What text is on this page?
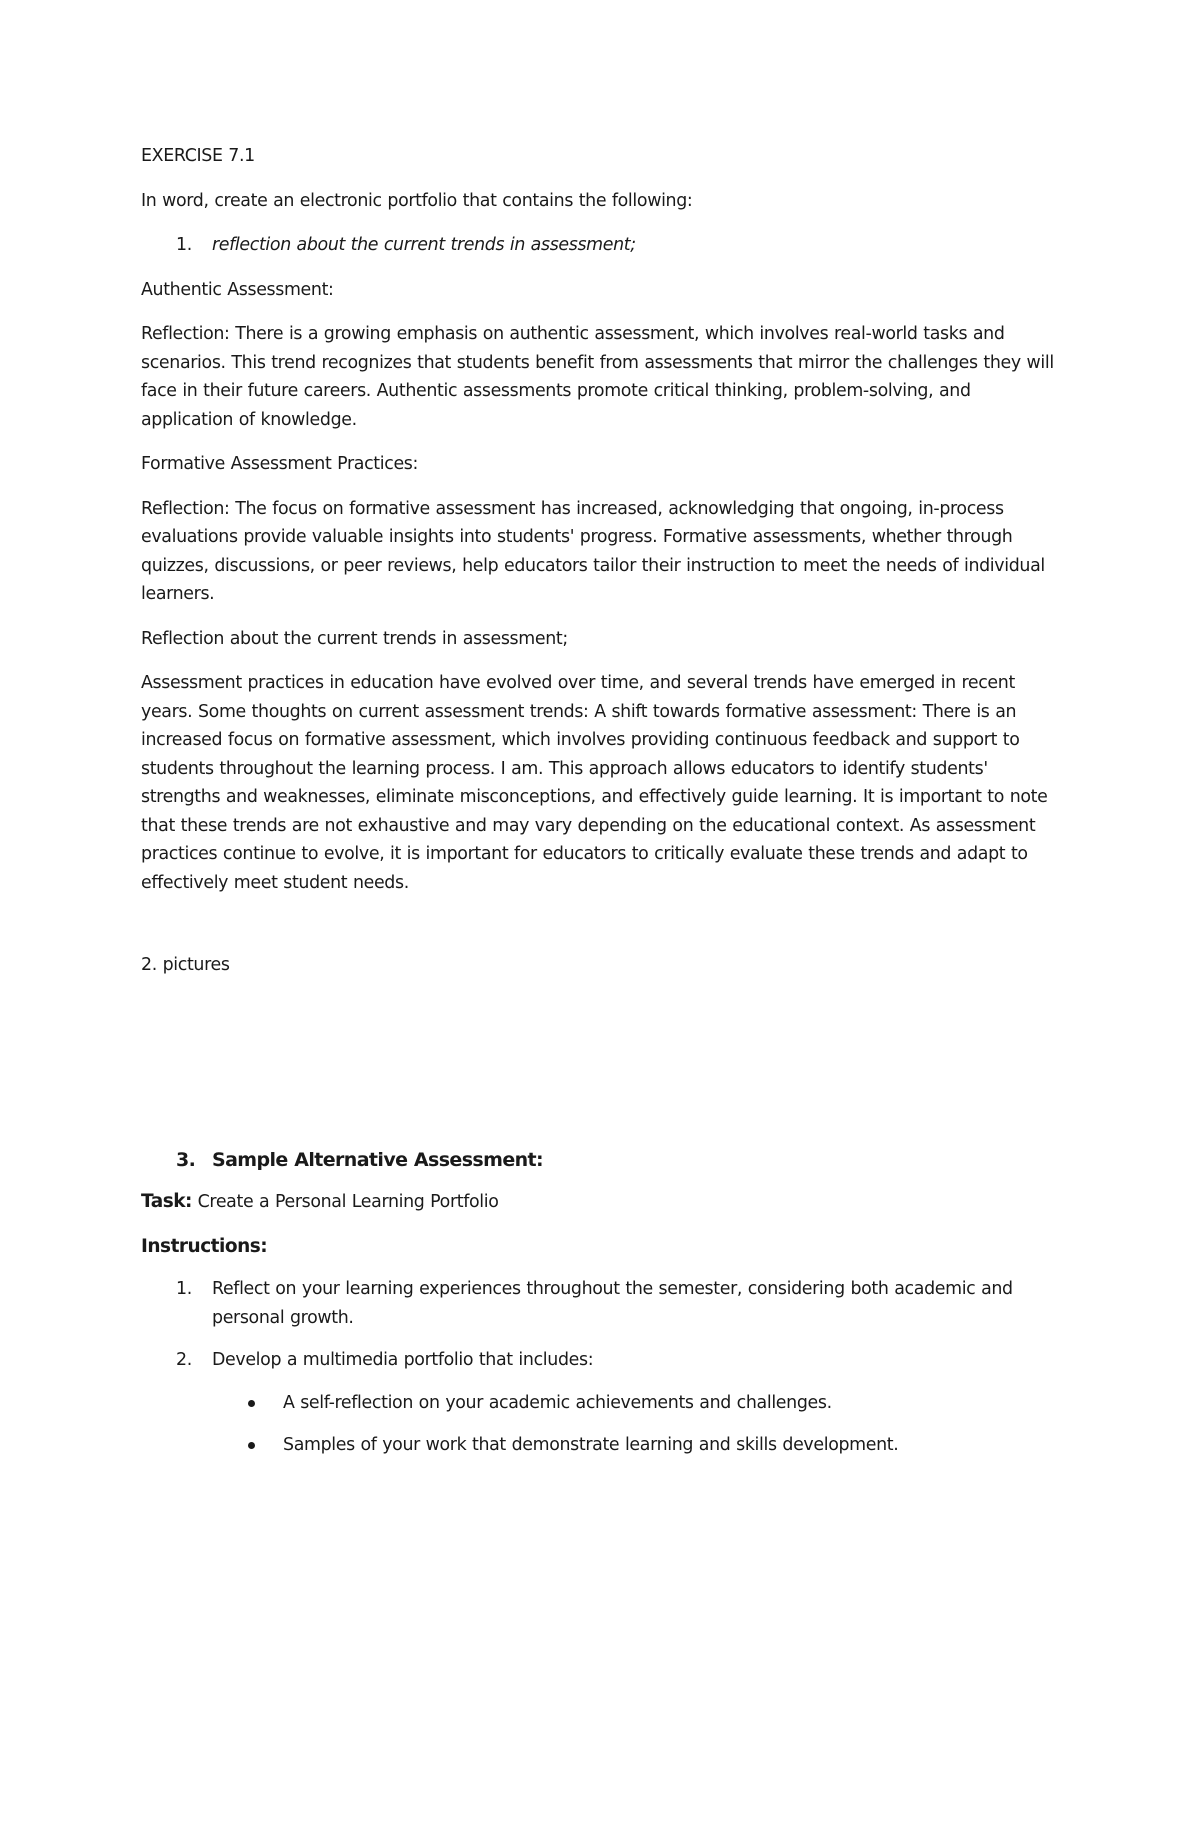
EXERCISE 7.1

In word, create an electronic portfolio that contains the following:

1. reflection about the current trends in assessment;

Authentic Assessment:

Reflection: There is a growing emphasis on authentic assessment, which involves real-world tasks and scenarios. This trend recognizes that students benefit from assessments that mirror the challenges they will face in their future careers. Authentic assessments promote critical thinking, problem-solving, and application of knowledge.

Formative Assessment Practices:

Reflection: The focus on formative assessment has increased, acknowledging that ongoing, in-process evaluations provide valuable insights into students' progress. Formative assessments, whether through quizzes, discussions, or peer reviews, help educators tailor their instruction to meet the needs of individual learners.

Reflection about the current trends in assessment;

Assessment practices in education have evolved over time, and several trends have emerged in recent years. Some thoughts on current assessment trends: A shift towards formative assessment: There is an increased focus on formative assessment, which involves providing continuous feedback and support to students throughout the learning process. I am. This approach allows educators to identify students' strengths and weaknesses, eliminate misconceptions, and effectively guide learning. It is important to note that these trends are not exhaustive and may vary depending on the educational context. As assessment practices continue to evolve, it is important for educators to critically evaluate these trends and adapt to effectively meet student needs.

2. pictures

3. Sample Alternative Assessment:

Task: Create a Personal Learning Portfolio

Instructions:

1. Reflect on your learning experiences throughout the semester, considering both academic and personal growth.
2. Develop a multimedia portfolio that includes:
A self-reflection on your academic achievements and challenges.
Samples of your work that demonstrate learning and skills development.
